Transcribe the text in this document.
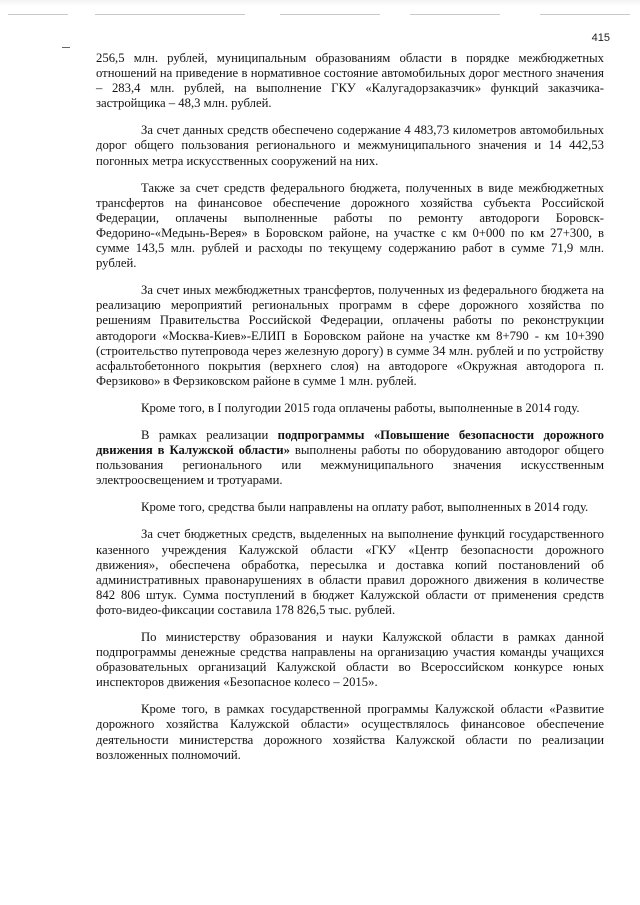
415

256,5 млн. рублей, муниципальным образованиям области в порядке межбюджетных отношений на приведение в нормативное состояние автомобильных дорог местного значения – 283,4 млн. рублей, на выполнение ГКУ «Калугадорзаказчик» функций заказчика-застройщика – 48,3 млн. рублей.

За счет данных средств обеспечено содержание 4 483,73 километров автомобильных дорог общего пользования регионального и межмуниципального значения и 14 442,53 погонных метра искусственных сооружений на них.

Также за счет средств федерального бюджета, полученных в виде межбюджетных трансфертов на финансовое обеспечение дорожного хозяйства субъекта Российской Федерации, оплачены выполненные работы по ремонту автодороги Боровск-Федорино-«Медынь-Верея» в Боровском районе, на участке с км 0+000 по км 27+300, в сумме 143,5 млн. рублей и расходы по текущему содержанию работ в сумме 71,9 млн. рублей.

За счет иных межбюджетных трансфертов, полученных из федерального бюджета на реализацию мероприятий региональных программ в сфере дорожного хозяйства по решениям Правительства Российской Федерации, оплачены работы по реконструкции автодороги «Москва-Киев»-ЕЛИП в Боровском районе на участке км 8+790 - км 10+390 (строительство путепровода через железную дорогу) в сумме 34 млн. рублей и по устройству асфальтобетонного покрытия (верхнего слоя) на автодороге «Окружная автодорога п. Ферзиково» в Ферзиковском районе в сумме 1 млн. рублей.

Кроме того, в I полугодии 2015 года оплачены работы, выполненные в 2014 году.

В рамках реализации подпрограммы «Повышение безопасности дорожного движения в Калужской области» выполнены работы по оборудованию автодорог общего пользования регионального или межмуниципального значения искусственным электроосвещением и тротуарами.

Кроме того, средства были направлены на оплату работ, выполненных в 2014 году.

За счет бюджетных средств, выделенных на выполнение функций государственного казенного учреждения Калужской области «ГКУ «Центр безопасности дорожного движения», обеспечена обработка, пересылка и доставка копий постановлений об административных правонарушениях в области правил дорожного движения в количестве 842 806 штук. Сумма поступлений в бюджет Калужской области от применения средств фото-видео-фиксации составила 178 826,5 тыс. рублей.

По министерству образования и науки Калужской области в рамках данной подпрограммы денежные средства направлены на организацию участия команды учащихся образовательных организаций Калужской области во Всероссийском конкурсе юных инспекторов движения «Безопасное колесо – 2015».

Кроме того, в рамках государственной программы Калужской области «Развитие дорожного хозяйства Калужской области» осуществлялось финансовое обеспечение деятельности министерства дорожного хозяйства Калужской области по реализации возложенных полномочий.
